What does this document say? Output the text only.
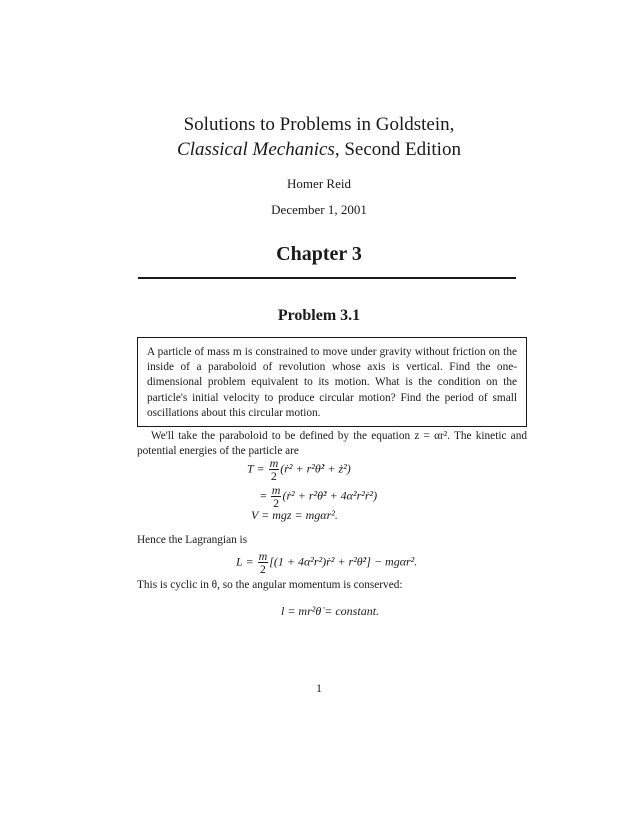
Solutions to Problems in Goldstein,
Classical Mechanics, Second Edition
Homer Reid
December 1, 2001
Chapter 3
Problem 3.1
A particle of mass m is constrained to move under gravity without friction on the inside of a paraboloid of revolution whose axis is vertical. Find the one-dimensional problem equivalent to its motion. What is the condition on the particle's initial velocity to produce circular motion? Find the period of small oscillations about this circular motion.
We'll take the paraboloid to be defined by the equation z = αr². The kinetic and potential energies of the particle are
$T = \frac{m}{2}$ (ṙ² + r²θ̇² + ż²)
= $\frac{m}{2}$ (ṙ² + r²θ̇² + 4α²r²ṙ²)
V = mgz = mgαr².
Hence the Lagrangian is
$L = \frac{m}{2} [(1$ + 4α²r²)ṙ² + r²θ̇²] − mgαr².
This is cyclic in θ, so the angular momentum is conserved:
l = mr²θ̇ = constant.
1
